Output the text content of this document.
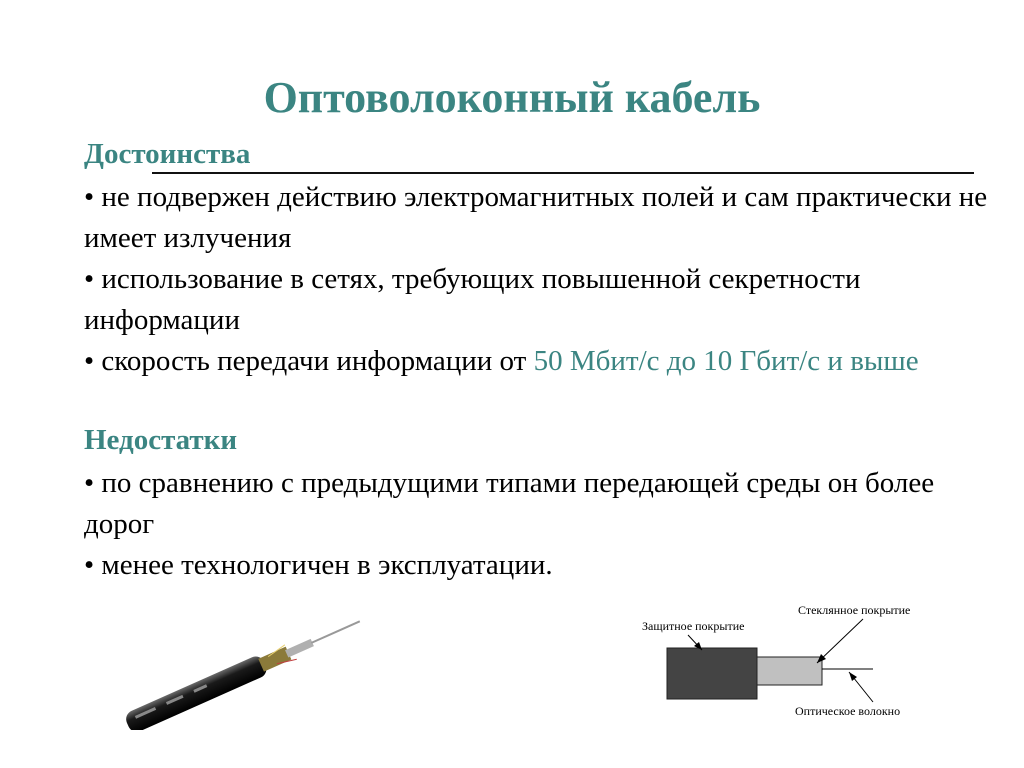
Оптоволоконный кабель
Достоинства
• не подвержен действию электромагнитных полей и сам практически не имеет излучения
• использование в сетях, требующих повышенной секретности информации
• скорость передачи информации от 50 Мбит/с до 10 Гбит/с и выше
Недостатки
• по сравнению с предыдущими типами передающей среды он более дорог
• менее технологичен в эксплуатации.
Защитное покрытие
Стеклянное покрытие
Оптическое волокно
